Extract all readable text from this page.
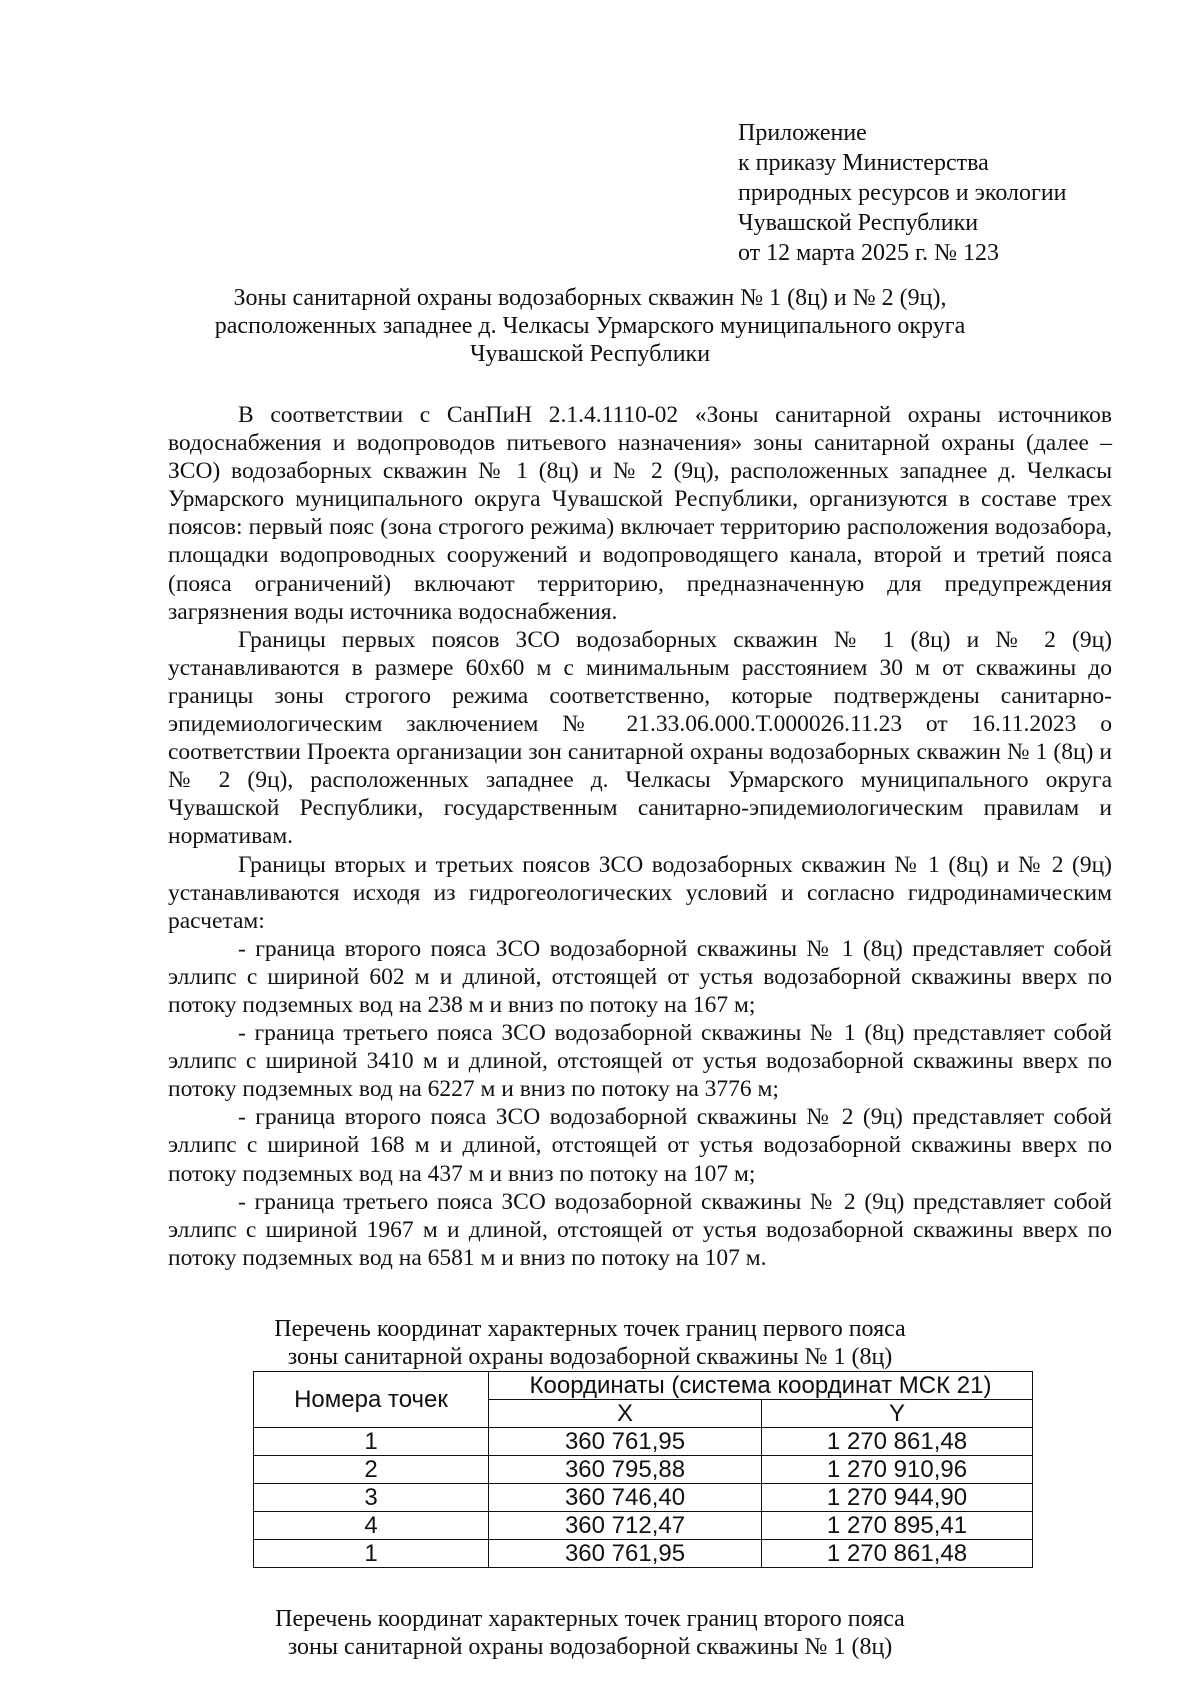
Приложение
к приказу Министерства
природных ресурсов и экологии
Чувашской Республики
от 12 марта 2025 г. № 123
Зоны санитарной охраны водозаборных скважин № 1 (8ц) и № 2 (9ц),
расположенных западнее д. Челкасы Урмарского муниципального округа
Чувашской Республики

В соответствии с СанПиН 2.1.4.1110-02 «Зоны санитарной охраны источников водоснабжения и водопроводов питьевого назначения» зоны санитарной охраны (далее – ЗСО) водозаборных скважин № 1 (8ц) и № 2 (9ц), расположенных западнее д. Челкасы Урмарского муниципального округа Чувашской Республики, организуются в составе трех поясов: первый пояс (зона строгого режима) включает территорию расположения водозабора, площадки водопроводных сооружений и водопроводящего канала, второй и третий пояса (пояса ограничений) включают территорию, предназначенную для предупреждения загрязнения воды источника водоснабжения.

Границы первых поясов ЗСО водозаборных скважин № 1 (8ц) и № 2 (9ц) устанавливаются в размере 60х60 м с минимальным расстоянием 30 м от скважины до границы зоны строгого режима соответственно, которые подтверждены санитарно-эпидемиологическим заключением № 21.33.06.000.Т.000026.11.23 от 16.11.2023 о соответствии Проекта организации зон санитарной охраны водозаборных скважин № 1 (8ц) и № 2 (9ц), расположенных западнее д. Челкасы Урмарского муниципального округа Чувашской Республики, государственным санитарно-эпидемиологическим правилам и нормативам.

Границы вторых и третьих поясов ЗСО водозаборных скважин № 1 (8ц) и № 2 (9ц) устанавливаются исходя из гидрогеологических условий и согласно гидродинамическим расчетам:

- граница второго пояса ЗСО водозаборной скважины № 1 (8ц) представляет собой эллипс с шириной 602 м и длиной, отстоящей от устья водозаборной скважины вверх по потоку подземных вод на 238 м и вниз по потоку на 167 м;

- граница третьего пояса ЗСО водозаборной скважины № 1 (8ц) представляет собой эллипс с шириной 3410 м и длиной, отстоящей от устья водозаборной скважины вверх по потоку подземных вод на 6227 м и вниз по потоку на 3776 м;

- граница второго пояса ЗСО водозаборной скважины № 2 (9ц) представляет собой эллипс с шириной 168 м и длиной, отстоящей от устья водозаборной скважины вверх по потоку подземных вод на 437 м и вниз по потоку на 107 м;

- граница третьего пояса ЗСО водозаборной скважины № 2 (9ц) представляет собой эллипс с шириной 1967 м и длиной, отстоящей от устья водозаборной скважины вверх по потоку подземных вод на 6581 м и вниз по потоку на 107 м.

Перечень координат характерных точек границ первого пояса
зоны санитарной охраны водозаборной скважины № 1 (8ц)
Номера точек	Координаты (система координат МСК 21)	
	X	Y
1	360 761,95	1 270 861,48
2	360 795,88	1 270 910,96
3	360 746,40	1 270 944,90
4	360 712,47	1 270 895,41
1	360 761,95	1 270 861,48
Перечень координат характерных точек границ второго пояса
зоны санитарной охраны водозаборной скважины № 1 (8ц)
